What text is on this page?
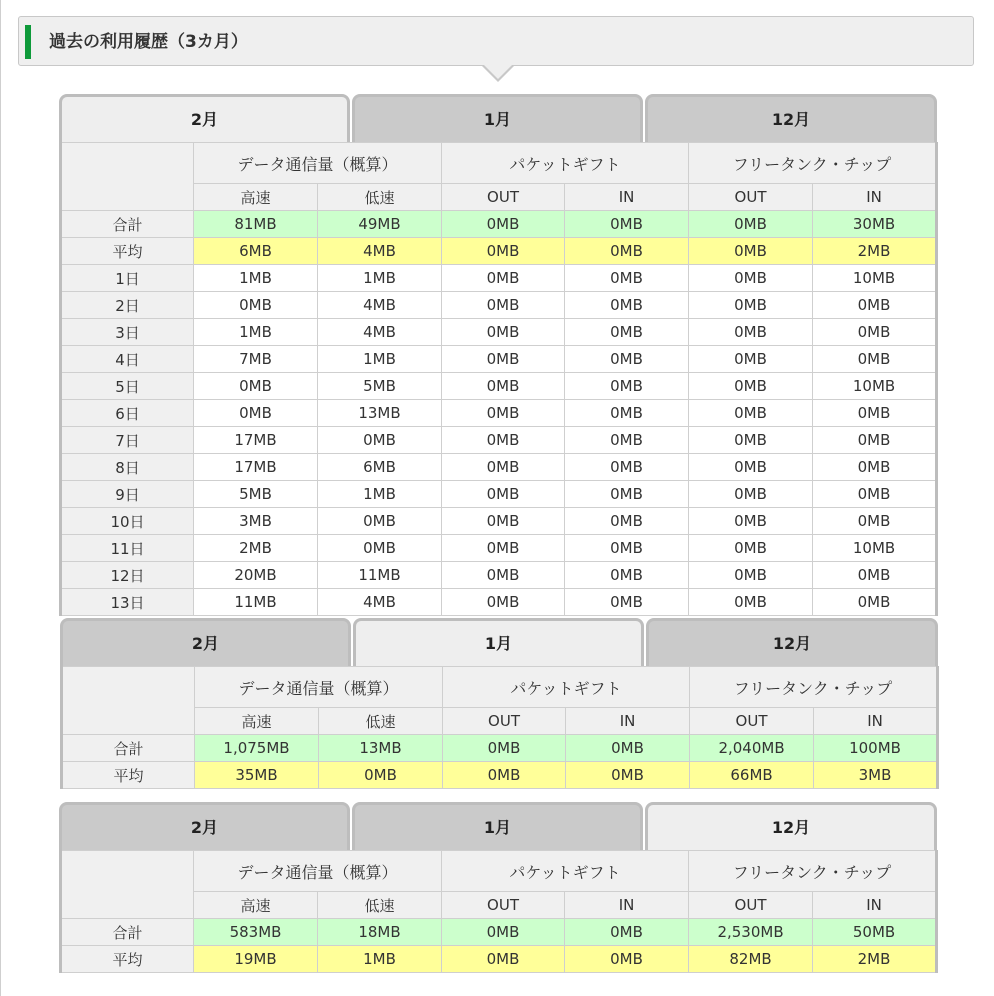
過去の利用履歴（3カ月）
2月	1月	12月
	データ通信量（概算）		パケットギフト		フリータンク・チップ	
	高速	低速	OUT	IN	OUT	IN
合計	81MB	49MB	0MB	0MB	0MB	30MB
平均	6MB	4MB	0MB	0MB	0MB	2MB
1日	1MB	1MB	0MB	0MB	0MB	10MB
2日	0MB	4MB	0MB	0MB	0MB	0MB
3日	1MB	4MB	0MB	0MB	0MB	0MB
4日	7MB	1MB	0MB	0MB	0MB	0MB
5日	0MB	5MB	0MB	0MB	0MB	10MB
6日	0MB	13MB	0MB	0MB	0MB	0MB
7日	17MB	0MB	0MB	0MB	0MB	0MB
8日	17MB	6MB	0MB	0MB	0MB	0MB
9日	5MB	1MB	0MB	0MB	0MB	0MB
10日	3MB	0MB	0MB	0MB	0MB	0MB
11日	2MB	0MB	0MB	0MB	0MB	10MB
12日	20MB	11MB	0MB	0MB	0MB	0MB
13日	11MB	4MB	0MB	0MB	0MB	0MB
2月	1月	12月
	データ通信量（概算）		パケットギフト		フリータンク・チップ	
	高速	低速	OUT	IN	OUT	IN
合計	1,075MB	13MB	0MB	0MB	2,040MB	100MB
平均	35MB	0MB	0MB	0MB	66MB	3MB
2月	1月	12月
	データ通信量（概算）		パケットギフト		フリータンク・チップ	
	高速	低速	OUT	IN	OUT	IN
合計	583MB	18MB	0MB	0MB	2,530MB	50MB
平均	19MB	1MB	0MB	0MB	82MB	2MB
